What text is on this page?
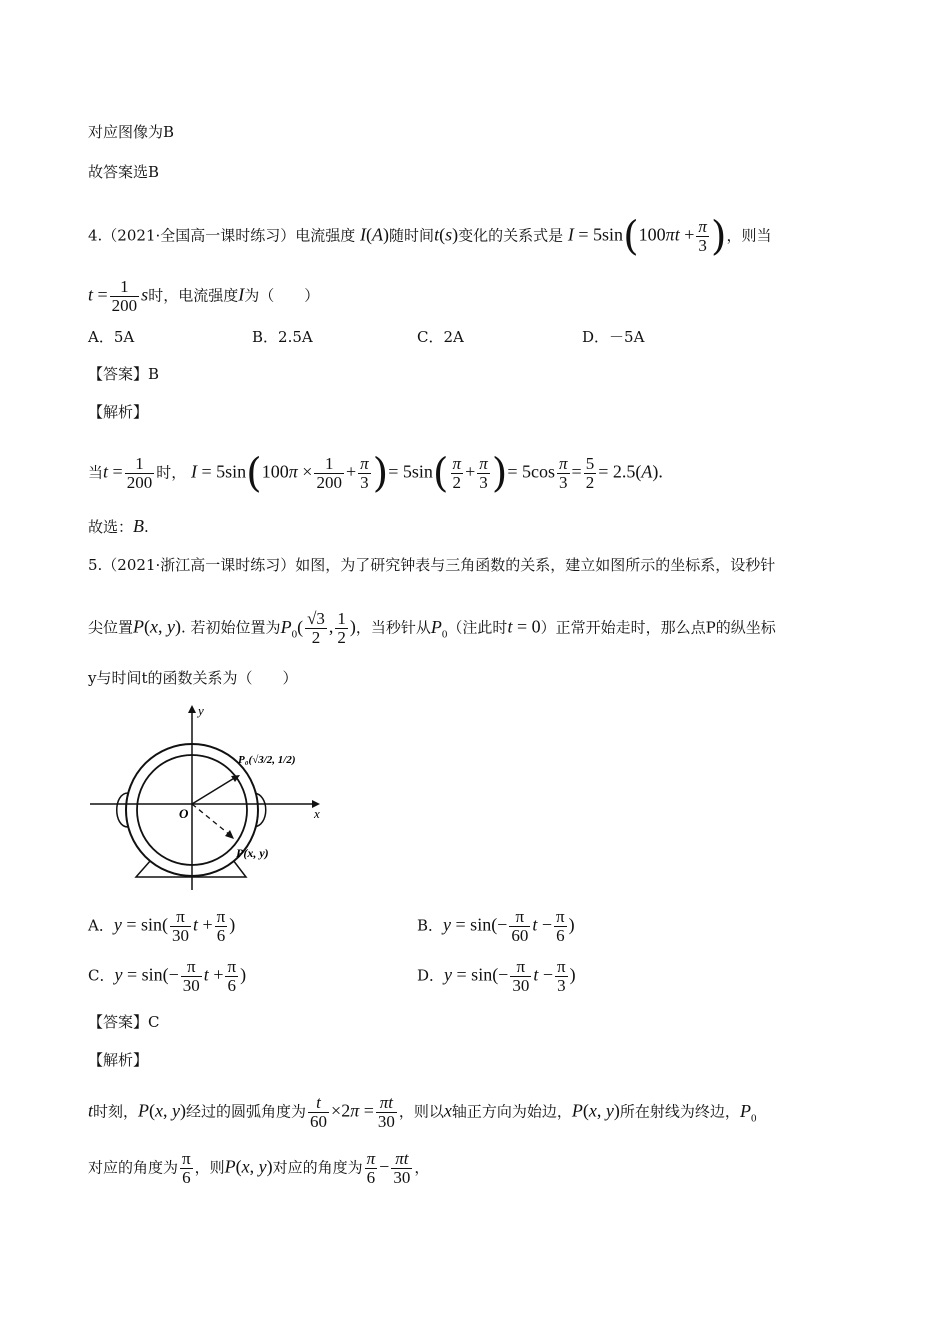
对应图像为B
故答案选B
4.（2021·全国高一课时练习）电流强度 I(A)随时间t(s)变化的关系式是 $I = 5\sin(100\pi t + \frac{\pi}{3}$ )，则当
$t = \frac{1}{200}$ s时，电流强度I为（　　）
A．5A	B．2.5A	C．2A	D．－5A
【答案】B
【解析】
当$t = \frac{1}{200}$ 时， $I = 5\sin(100\pi \times \frac{1}{200} + \frac{\pi}{3}$ )= $5\sin( \frac{\pi}{2} + \frac{\pi}{3}$ )= $5\cos \frac{\pi}{3} = \frac{5}{2} = 2.5(A)$.
故选：B.
5.（2021·浙江高一课时练习）如图，为了研究钟表与三角函数的关系，建立如图所示的坐标系，设秒针
尖位置P(x, y). 若初始位置为$P_0( \frac{√3}{2}$ , $\frac{1}{2}$ )，当秒针从$P_0$（注此时t = 0）正常开始走时，那么点P的纵坐标
y与时间t的函数关系为（　　）
y
x
O
P₀(√3/2, 1/2)
P(x, y)
A．$y = \sin( \frac{\pi}{30}$ $t + \frac{\pi}{6}$ )	B．$y = \sin(- \frac{\pi}{60}$ $t - \frac{\pi}{6}$ )
C．$y = \sin(- \frac{\pi}{30}$ $t + \frac{\pi}{6}$ )	D．$y = \sin(- \frac{\pi}{30}$ $t - \frac{\pi}{3}$ )
【答案】C
【解析】
t时刻，P(x, y)经过的圆弧角度为 $\frac{t}{60} \times 2\pi = \frac{\pi t}{30}$ ，则以x轴正方向为始边，P(x, y)所在射线为终边，$P_0$
对应的角度为 $\frac{\pi}{6}$ ，则P(x, y)对应的角度为 $\frac{\pi}{6} - \frac{\pi t}{30}$ ，
